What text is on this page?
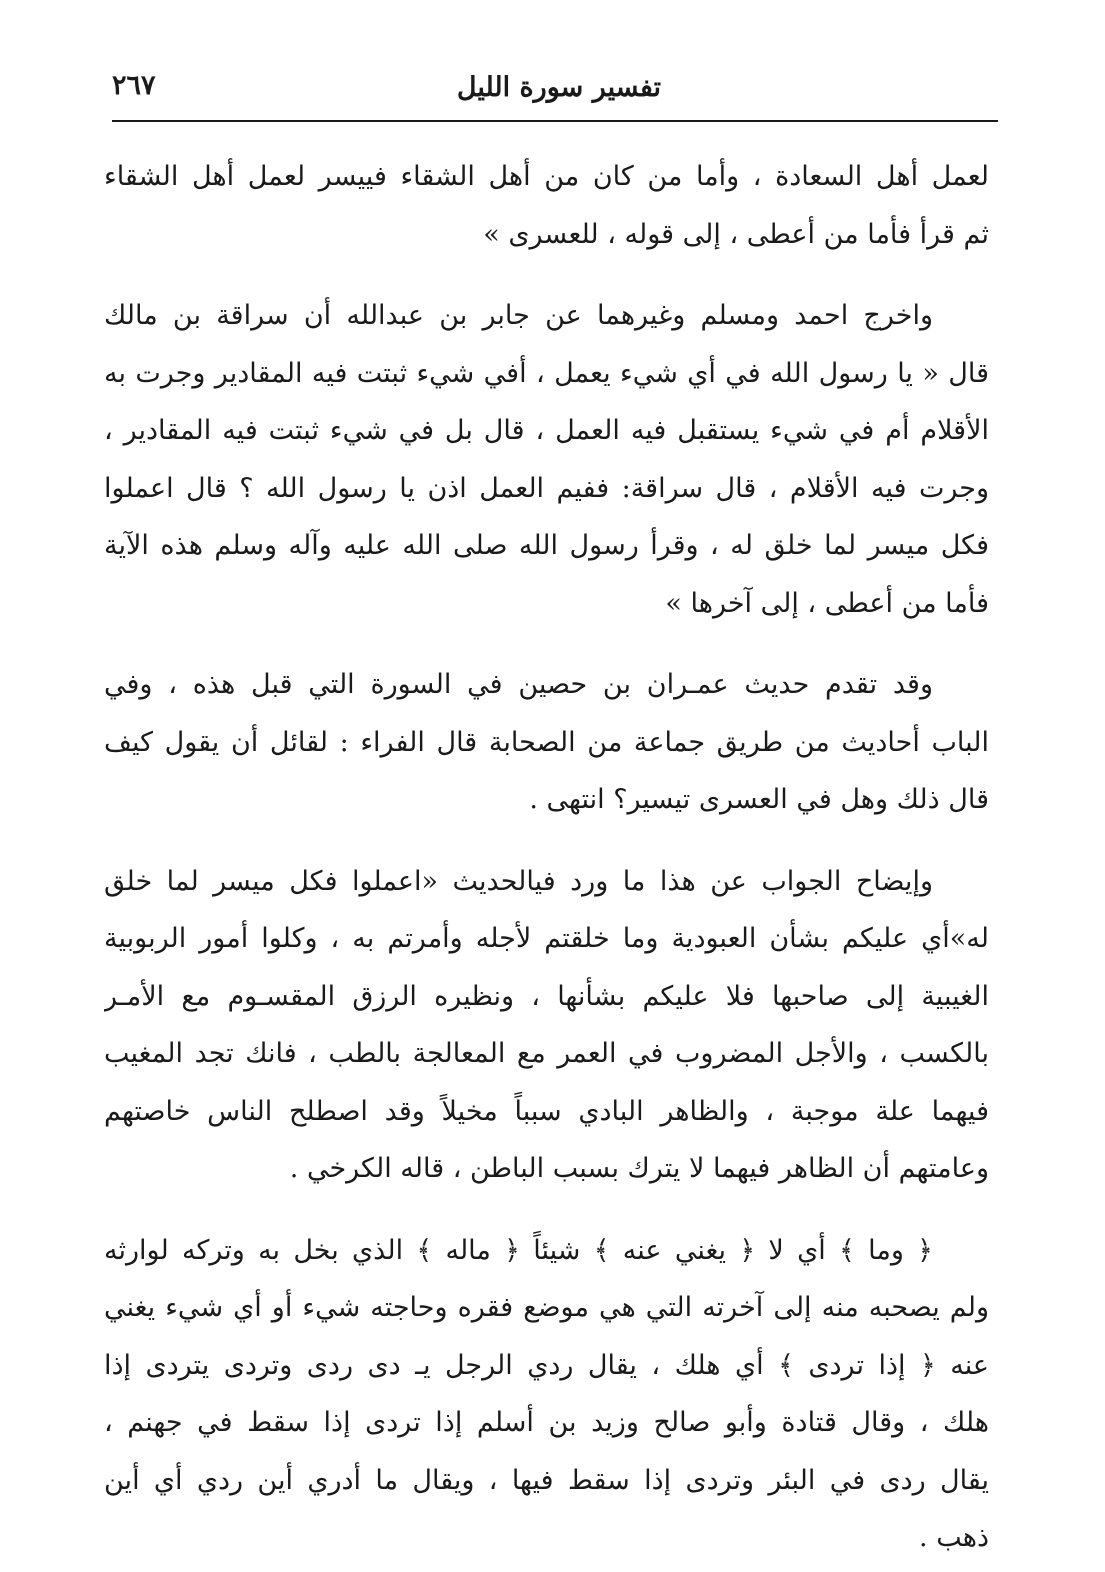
تفسير سورة الليل
٢٦٧

لعمل أهل السعادة ، وأما من كان من أهل الشقاء فييسر لعمل أهل الشقاء
ثم قرأ فأما من أعطى ، إلى قوله ، للعسرى »

واخرج احمد ومسلم وغيرهما عن جابر بن عبدالله أن سراقة بن مالك
قال « يا رسول الله في أي شيء يعمل ، أفي شيء ثبتت فيه المقادير وجرت به
الأقلام أم في شيء يستقبل فيه العمل ، قال بل في شيء ثبتت فيه المقادير ،
وجرت فيه الأقلام ، قال سراقة: ففيم العمل اذن يا رسول الله ؟ قال اعملوا
فكل ميسر لما خلق له ، وقرأ رسول الله صلى الله عليه وآله وسلم هذه الآية
فأما من أعطى ، إلى آخرها »

وقد تقدم حديث عمـران بن حصين في السورة التي قبل هذه ، وفي
الباب أحاديث من طريق جماعة من الصحابة قال الفراء : لقائل أن يقول كيف
قال ذلك وهل في العسرى تيسير؟ انتهى .

وإيضاح الجواب عن هذا ما ورد فيالحديث «اعملوا فكل ميسر لما خلق
له»أي عليكم بشأن العبودية وما خلقتم لأجله وأمرتم به ، وكلوا أمور الربوبية
الغيبية إلى صاحبها فلا عليكم بشأنها ، ونظيره الرزق المقسـوم مع الأمـر
بالكسب ، والأجل المضروب في العمر مع المعالجة بالطب ، فانك تجد المغيب
فيهما علة موجبة ، والظاهر البادي سبباً مخيلاً وقد اصطلح الناس خاصتهم
وعامتهم أن الظاهر فيهما لا يترك بسبب الباطن ، قاله الكرخي .

﴿ وما ﴾ أي لا ﴿ يغني عنه ﴾ شيئاً ﴿ ماله ﴾ الذي بخل به وتركه لوارثه
ولم يصحبه منه إلى آخرته التي هي موضع فقره وحاجته شيء أو أي شيء يغني
عنه ﴿ إذا تردى ﴾ أي هلك ، يقال ردي الرجل يـ دى ردى وتردى يتردى إذا
هلك ، وقال قتادة وأبو صالح وزيد بن أسلم إذا تردى إذا سقط في جهنم ،
يقال ردى في البئر وتردى إذا سقط فيها ، ويقال ما أدري أين ردي أي أين
ذهب .
